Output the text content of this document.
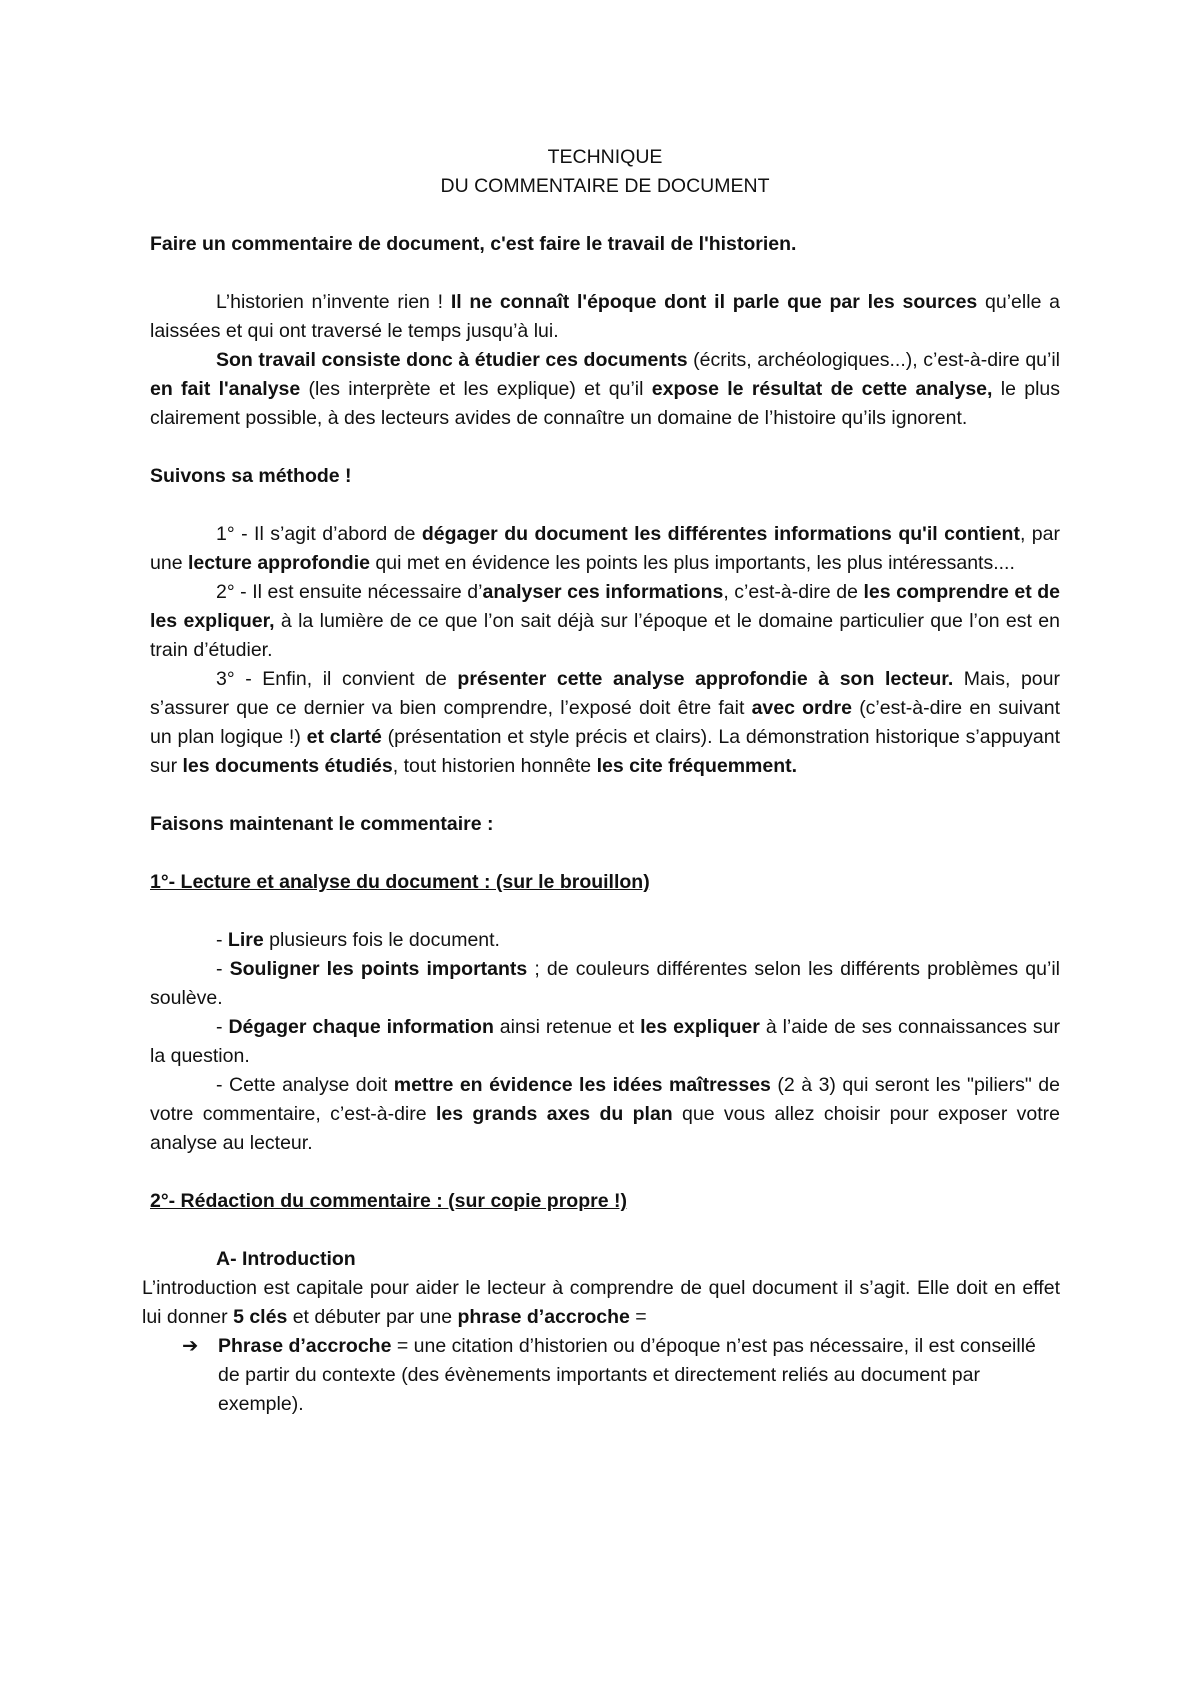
TECHNIQUE
DU COMMENTAIRE DE DOCUMENT

Faire un commentaire de document, c'est faire le travail de l'historien.

L’historien n’invente rien ! Il ne connaît l'époque dont il parle que par les sources qu’elle a laissées et qui ont traversé le temps jusqu’à lui.

Son travail consiste donc à étudier ces documents (écrits, archéologiques...), c’est-à-dire qu’il en fait l'analyse (les interprète et les explique) et qu’il expose le résultat de cette analyse, le plus clairement possible, à des lecteurs avides de connaître un domaine de l’histoire qu’ils ignorent.

Suivons sa méthode !

1° - Il s’agit d’abord de dégager du document les différentes informations qu'il contient, par une lecture approfondie qui met en évidence les points les plus importants, les plus intéressants....

2° - Il est ensuite nécessaire d’analyser ces informations, c’est-à-dire de les comprendre et de les expliquer, à la lumière de ce que l’on sait déjà sur l’époque et le domaine particulier que l’on est en train d’étudier.

3° - Enfin, il convient de présenter cette analyse approfondie à son lecteur. Mais, pour s’assurer que ce dernier va bien comprendre, l’exposé doit être fait avec ordre (c’est-à-dire en suivant un plan logique !) et clarté (présentation et style précis et clairs). La démonstration historique s’appuyant sur les documents étudiés, tout historien honnête les cite fréquemment.

Faisons maintenant le commentaire :

1°- Lecture et analyse du document : (sur le brouillon)

- Lire plusieurs fois le document.

- Souligner les points importants ; de couleurs différentes selon les différents problèmes qu’il soulève.

- Dégager chaque information ainsi retenue et les expliquer à l’aide de ses connaissances sur la question.

- Cette analyse doit mettre en évidence les idées maîtresses (2 à 3) qui seront les "piliers" de votre commentaire, c’est-à-dire les grands axes du plan que vous allez choisir pour exposer votre analyse au lecteur.

2°- Rédaction du commentaire : (sur copie propre !)

A- Introduction

L’introduction est capitale pour aider le lecteur à comprendre de quel document il s’agit. Elle doit en effet lui donner 5 clés et débuter par une phrase d’accroche =

➔ Phrase d’accroche = une citation d’historien ou d’époque n’est pas nécessaire, il est conseillé de partir du contexte (des évènements importants et directement reliés au document par exemple).
